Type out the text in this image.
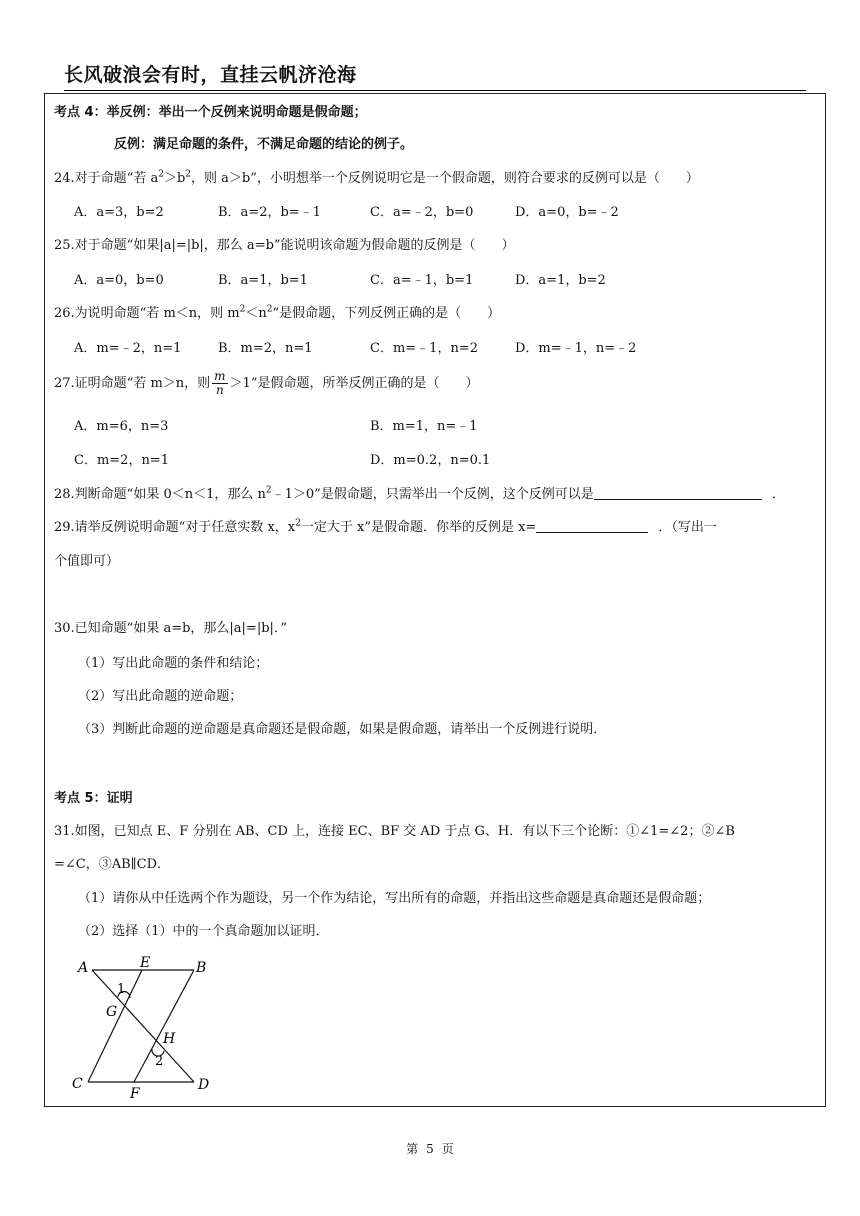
长风破浪会有时，直挂云帆济沧海
考点 4：举反例：举出一个反例来说明命题是假命题；
反例：满足命题的条件，不满足命题的结论的例子。
24.对于命题“若 $a^2>b^2$，则 a＞b”，小明想举一个反例说明它是一个假命题，则符合要求的反例可以是（　　）
A．a=3，b=2	B．a=2，b=﹣1	C．a=﹣2，b=0	D．a=0，b=﹣2
25.对于命题“如果|a|=|b|，那么 a=b”能说明该命题为假命题的反例是（　　）
A．a=0，b=0	B．a=1，b=1	C．a=﹣1，b=1	D．a=1，b=2
26.为说明命题“若 m＜n，则 $m^2<n^2$”是假命题，下列反例正确的是（　　）
A．m=﹣2，n=1	B．m=2，n=1	C．m=﹣1，n=2	D．m=﹣1，n=﹣2
27.证明命题“若 m＞n，则 $\frac{m}{n} >1$”是假命题，所举反例正确的是（　　）
A．m=6，n=3	B．m=1，n=﹣1
C．m=2，n=1	D．m=0.2，n=0.1
28.判断命题“如果 0＜n＜1，那么 $n^2﹣1>0$”是假命题，只需举出一个反例，这个反例可以是	．
29.请举反例说明命题“对于任意实数 x，$x^2$一定大于 x”是假命题．你举的反例是 x=	．（写出一
个值即可）
30.已知命题“如果 a=b，那么|a|=|b|．”
（1）写出此命题的条件和结论；
（2）写出此命题的逆命题；
（3）判断此命题的逆命题是真命题还是假命题，如果是假命题，请举出一个反例进行说明．
考点 5：证明
31.如图，已知点 E、F 分别在 AB、CD 上，连接 EC、BF 交 AD 于点 G、H．有以下三个论断：①∠1=∠2；②∠B
=∠C，③AB∥CD．
（1）请你从中任选两个作为题设，另一个作为结论，写出所有的命题，并指出这些命题是真命题还是假命题；
（2）选择（1）中的一个真命题加以证明．
A	E	B
G
1
H
2
C
F
D
第 5 页
